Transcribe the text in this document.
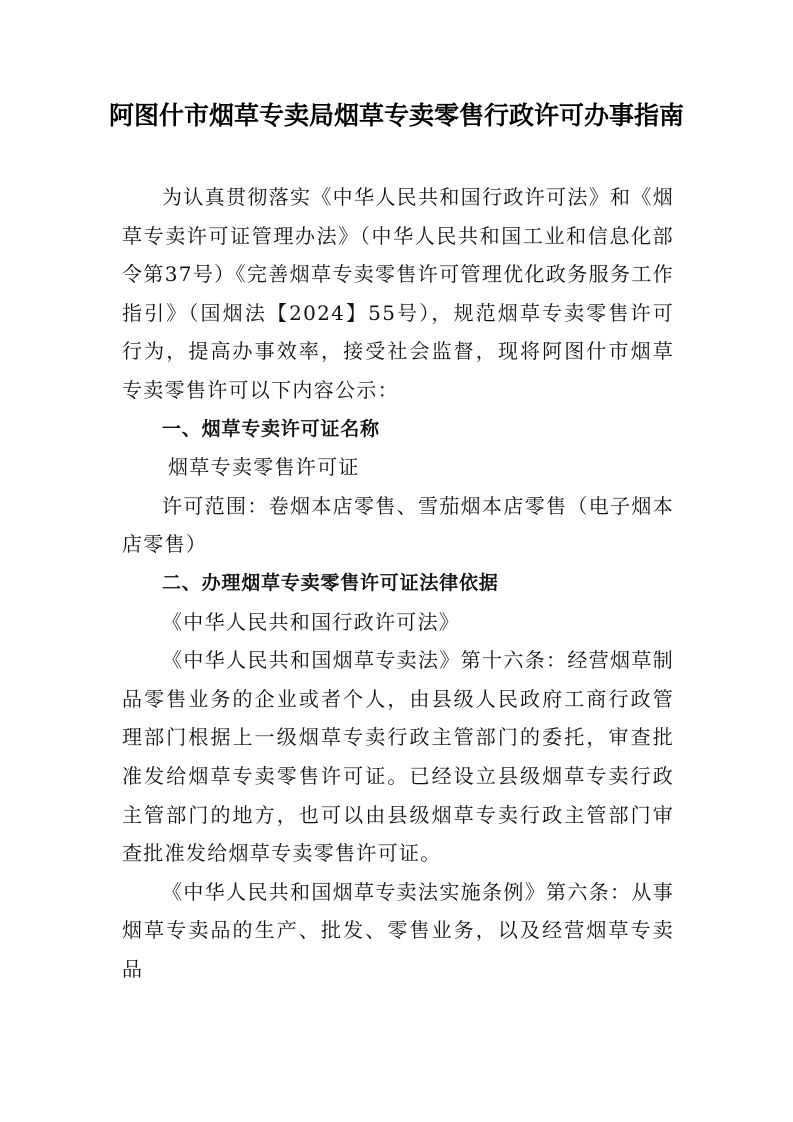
阿图什市烟草专卖局烟草专卖零售行政许可办事指南

为认真贯彻落实《中华人民共和国行政许可法》和《烟草专卖许可证管理办法》（中华人民共和国工业和信息化部令第37号）《完善烟草专卖零售许可管理优化政务服务工作指引》（国烟法【2024】55号），规范烟草专卖零售许可行为，提高办事效率，接受社会监督，现将阿图什市烟草专卖零售许可以下内容公示：

一、烟草专卖许可证名称

烟草专卖零售许可证

许可范围：卷烟本店零售、雪茄烟本店零售（电子烟本店零售）

二、办理烟草专卖零售许可证法律依据

《中华人民共和国行政许可法》

《中华人民共和国烟草专卖法》第十六条：经营烟草制品零售业务的企业或者个人，由县级人民政府工商行政管理部门根据上一级烟草专卖行政主管部门的委托，审查批准发给烟草专卖零售许可证。已经设立县级烟草专卖行政主管部门的地方，也可以由县级烟草专卖行政主管部门审查批准发给烟草专卖零售许可证。

《中华人民共和国烟草专卖法实施条例》第六条：从事烟草专卖品的生产、批发、零售业务，以及经营烟草专卖品
